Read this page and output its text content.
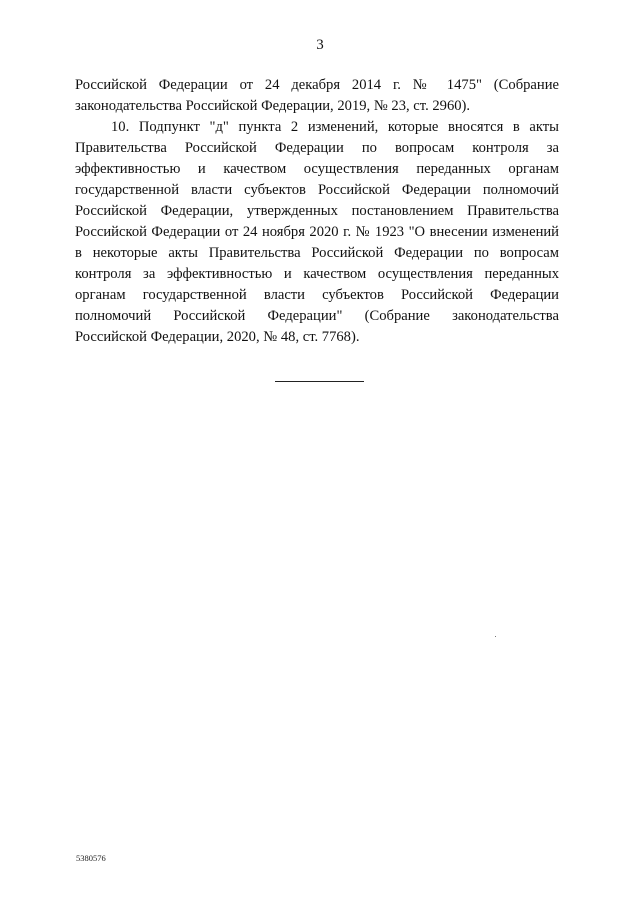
3

Российской Федерации от 24 декабря 2014 г. № 1475" (Собрание законодательства Российской Федерации, 2019, № 23, ст. 2960).

10. Подпункт "д" пункта 2 изменений, которые вносятся в акты Правительства Российской Федерации по вопросам контроля за эффективностью и качеством осуществления переданных органам государственной власти субъектов Российской Федерации полномочий Российской Федерации, утвержденных постановлением Правительства Российской Федерации от 24 ноября 2020 г. № 1923 "О внесении изменений в некоторые акты Правительства Российской Федерации по вопросам контроля за эффективностью и качеством осуществления переданных органам государственной власти субъектов Российской Федерации полномочий Российской Федерации" (Собрание законодательства Российской Федерации, 2020, № 48, ст. 7768).

5380576
